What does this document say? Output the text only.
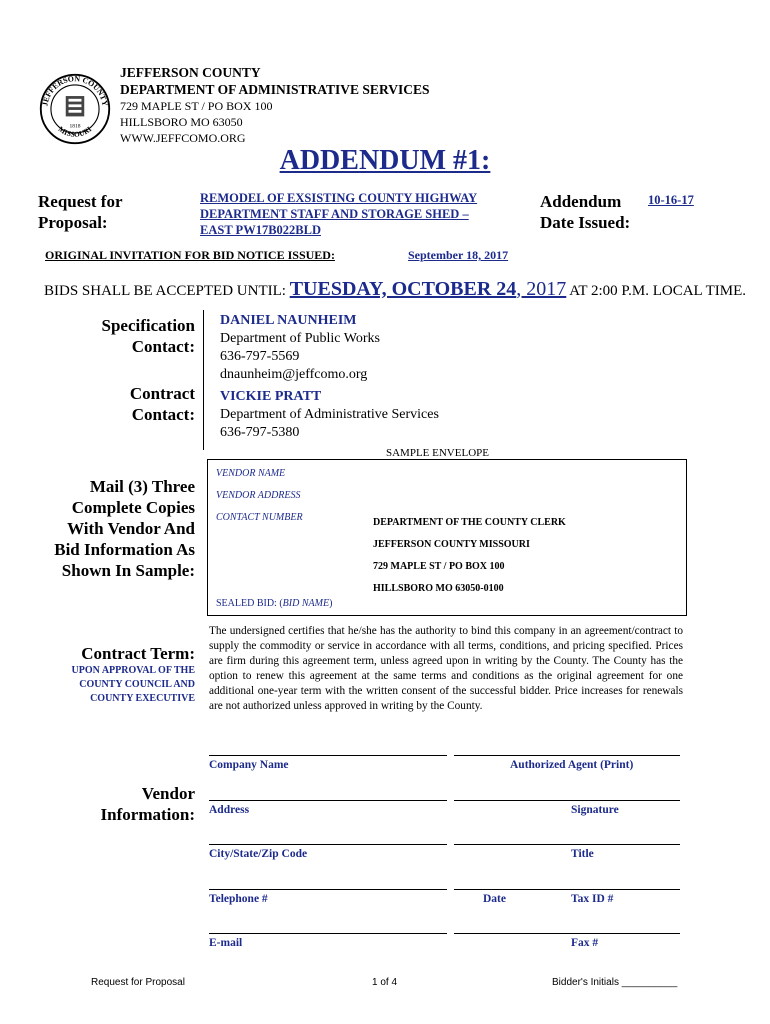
JEFFERSON COUNTY
MISSOURI
1818
JEFFERSON COUNTY
DEPARTMENT OF ADMINISTRATIVE SERVICES
729 MAPLE ST / PO BOX 100
HILLSBORO MO 63050
WWW.JEFFCOMO.ORG
ADDENDUM #1:
Request for
Proposal:
REMODEL OF EXSISTING COUNTY HIGHWAY
DEPARTMENT STAFF AND STORAGE SHED –
EAST PW17B022BLD
Addendum
Date Issued:
10-16-17
ORIGINAL INVITATION FOR BID NOTICE ISSUED:	September 18, 2017
BIDS SHALL BE ACCEPTED UNTIL: TUESDAY, OCTOBER 24, 2017 AT 2:00 P.M. LOCAL TIME.
Specification
Contact:
DANIEL NAUNHEIM
Department of Public Works
636-797-5569
dnaunheim@jeffcomo.org
Contract
Contact:
VICKIE PRATT
Department of Administrative Services
636-797-5380
Mail (3) Three
Complete Copies
With Vendor And
Bid Information As
Shown In Sample:
SAMPLE ENVELOPE
VENDOR NAME
VENDOR ADDRESS
CONTACT NUMBER	DEPARTMENT OF THE COUNTY CLERK
JEFFERSON COUNTY MISSOURI
729 MAPLE ST / PO BOX 100
HILLSBORO MO 63050-0100
SEALED BID: (BID NAME)
Contract Term:
UPON APPROVAL OF THE
COUNTY COUNCIL AND
COUNTY EXECUTIVE
The undersigned certifies that he/she has the authority to bind this company in an agreement/contract to supply the commodity or service in accordance with all terms, conditions, and pricing specified. Prices are firm during this agreement term, unless agreed upon in writing by the County. The County has the option to renew this agreement at the same terms and conditions as the original agreement for one additional one-year term with the written consent of the successful bidder. Price increases for renewals are not authorized unless approved in writing by the County.
Vendor
Information:
Company Name	Authorized Agent (Print)
Address	Signature
City/State/Zip Code	Title
Telephone #	Date	Tax ID #
E-mail	Fax #
Request for Proposal	1 of 4	Bidder's Initials __________
